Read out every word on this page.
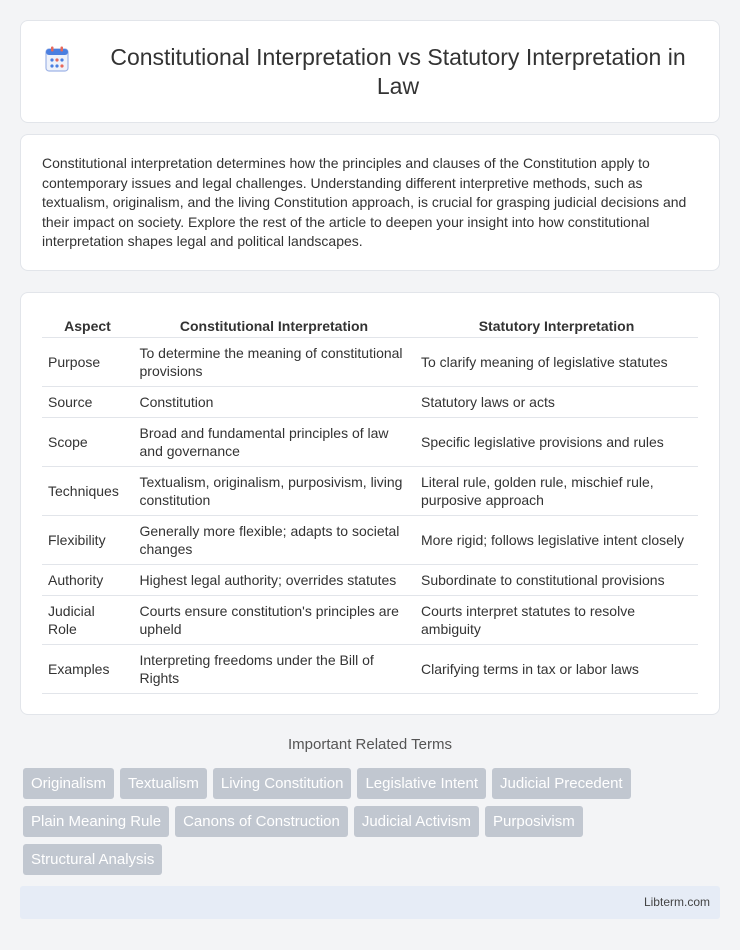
Constitutional Interpretation vs Statutory Interpretation in Law

Constitutional interpretation determines how the principles and clauses of the Constitution apply to contemporary issues and legal challenges. Understanding different interpretive methods, such as textualism, originalism, and the living Constitution approach, is crucial for grasping judicial decisions and their impact on society. Explore the rest of the article to deepen your insight into how constitutional interpretation shapes legal and political landscapes.

Aspect	Constitutional Interpretation	Statutory Interpretation
Purpose	To determine the meaning of constitutional provisions	To clarify meaning of legislative statutes
Source	Constitution	Statutory laws or acts
Scope	Broad and fundamental principles of law and governance	Specific legislative provisions and rules
Techniques	Textualism, originalism, purposivism, living constitution	Literal rule, golden rule, mischief rule, purposive approach
Flexibility	Generally more flexible; adapts to societal changes	More rigid; follows legislative intent closely
Authority	Highest legal authority; overrides statutes	Subordinate to constitutional provisions
Judicial Role	Courts ensure constitution's principles are upheld	Courts interpret statutes to resolve ambiguity
Examples	Interpreting freedoms under the Bill of Rights	Clarifying terms in tax or labor laws
Important Related Terms
Originalism	Textualism	Living Constitution	Legislative Intent	Judicial Precedent
Plain Meaning Rule	Canons of Construction	Judicial Activism	Purposivism
Structural Analysis
Libterm.com
